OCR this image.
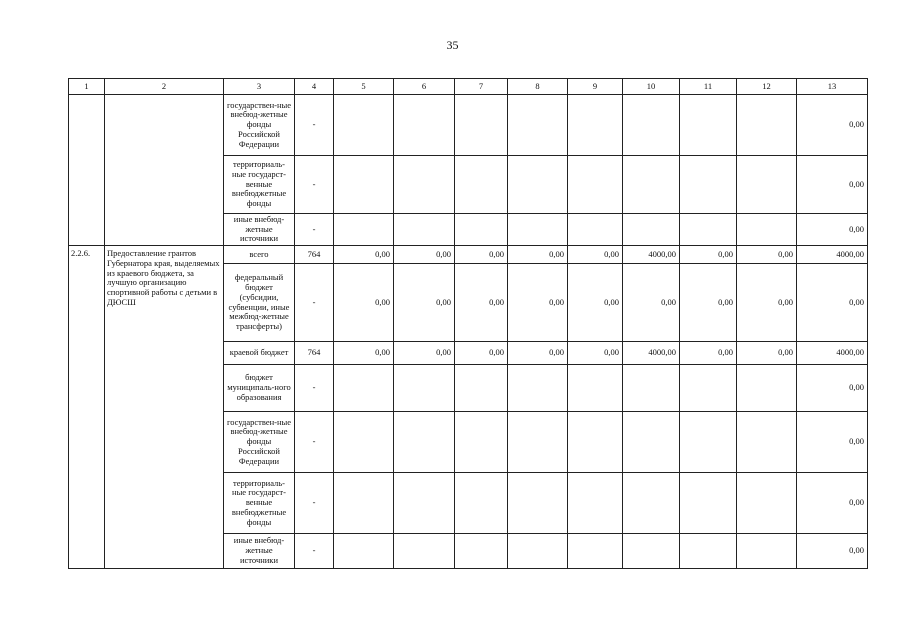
35
1	2	3	4	5	6	7	8	9	10	11	12	13
		государствен-ные внебюд-жетные фонды Российской Федерации	-									0,00
		территориаль-ные государст-венные внебюджетные фонды	-									0,00
		иные внебюд-жетные источники	-									0,00
2.2.6.	Предоставление грантов Губернатора края, выделяемых из краевого бюджета, за лучшую организацию спортивной работы с детьми в ДЮСШ	всего	764	0,00	0,00	0,00	0,00	0,00	4000,00	0,00	0,00	4000,00
		федеральный бюджет (субсидии, субвенции, иные межбюд-жетные трансферты)	-	0,00	0,00	0,00	0,00	0,00	0,00	0,00	0,00	0,00
		краевой бюджет	764	0,00	0,00	0,00	0,00	0,00	4000,00	0,00	0,00	4000,00
		бюджет муниципаль-ного образования	-									0,00
		государствен-ные внебюд-жетные фонды Российской Федерации	-									0,00
		территориаль-ные государст-венные внебюджетные фонды	-									0,00
		иные внебюд-жетные источники	-									0,00
